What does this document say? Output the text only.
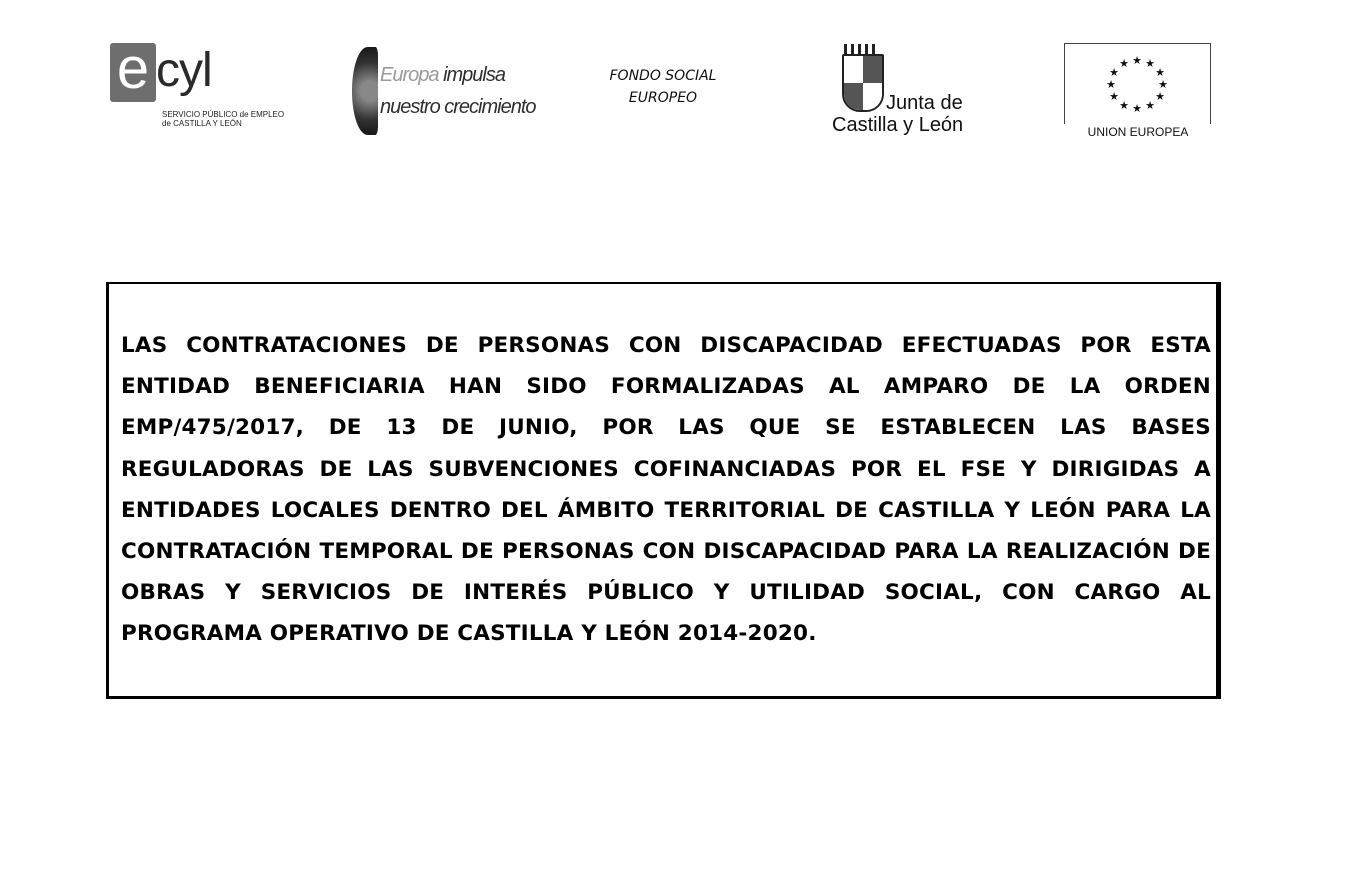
e cyl
SERVICIO PÚBLICO de EMPLEO
de CASTILLA Y LEÓN
Europa impulsa
nuestro crecimiento
FONDO SOCIAL
EUROPEO	Junta de
Castilla y León
★ ★
★
★
★
★
★
★
★
★
★
★
UNION EUROPEA

LAS CONTRATACIONES DE PERSONAS CON DISCAPACIDAD EFECTUADAS POR ESTA ENTIDAD BENEFICIARIA HAN SIDO FORMALIZADAS AL AMPARO DE LA ORDEN EMP/475/2017, DE 13 DE JUNIO, POR LAS QUE SE ESTABLECEN LAS BASES REGULADORAS DE LAS SUBVENCIONES COFINANCIADAS POR EL FSE Y DIRIGIDAS A ENTIDADES LOCALES DENTRO DEL ÁMBITO TERRITORIAL DE CASTILLA Y LEÓN PARA LA CONTRATACIÓN TEMPORAL DE PERSONAS CON DISCAPACIDAD PARA LA REALIZACIÓN DE OBRAS Y SERVICIOS DE INTERÉS PÚBLICO Y UTILIDAD SOCIAL, CON CARGO AL PROGRAMA OPERATIVO DE CASTILLA Y LEÓN 2014-2020.
